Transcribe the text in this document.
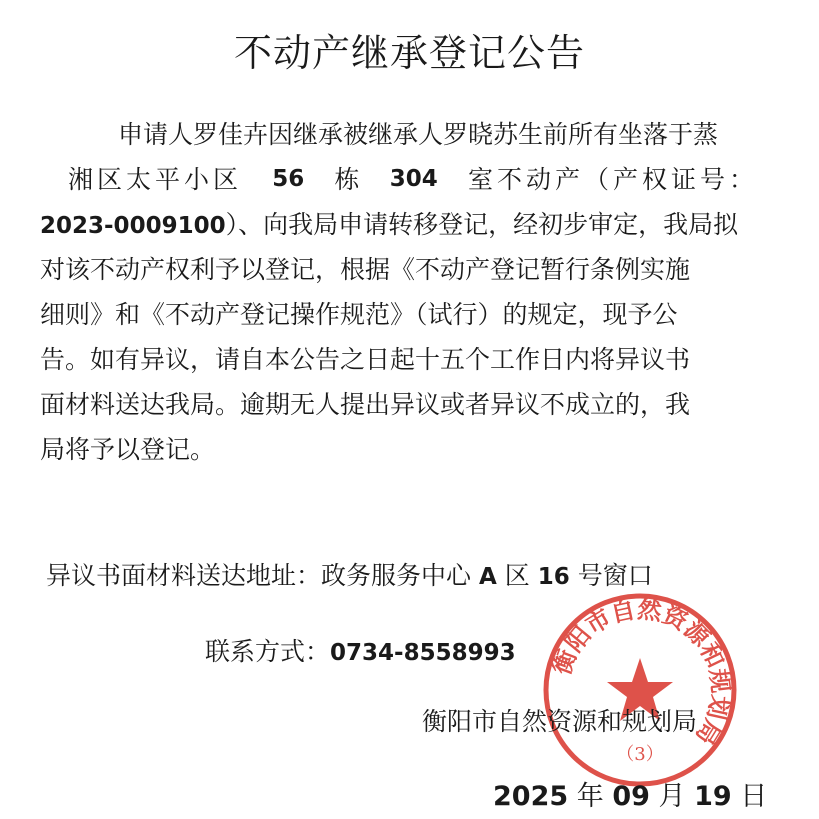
不动产继承登记公告
申请人罗佳卉因继承被继承人罗晓苏生前所有坐落于蒸
湘区太平小区 56 栋 304 室不动产（产权证号：
2023-0009100）、向我局申请转移登记，经初步审定，我局拟
对该不动产权利予以登记，根据《不动产登记暂行条例实施
细则》和《不动产登记操作规范》（试行）的规定，现予公
告。如有异议，请自本公告之日起十五个工作日内将异议书
面材料送达我局。逾期无人提出异议或者异议不成立的，我
局将予以登记。
异议书面材料送达地址：政务服务中心 A 区 16 号窗口
联系方式：0734-8558993 衡阳市自然资源和规划局
（3）
衡阳市自然资源和规划局
2025 年 09 月 19 日
